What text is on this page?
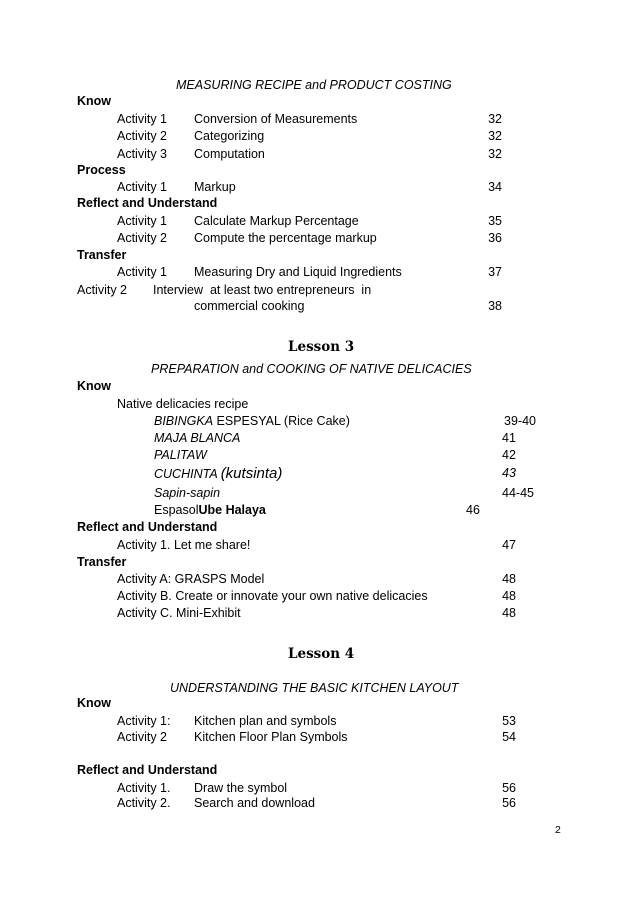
MEASURING RECIPE and PRODUCT COSTING
Know
Activity 1 Conversion of Measurements	32
Activity 2 Categorizing	32
Activity 3 Computation	32
Process
Activity 1 Markup	34
Reflect and Understand
Activity 1 Calculate Markup Percentage	35
Activity 2 Compute the percentage markup	36
Transfer
Activity 1 Measuring Dry and Liquid Ingredients	37
Activity 2 Interview  at least two entrepreneurs  in
commercial cooking	38
Lesson 3
PREPARATION and COOKING OF NATIVE DELICACIES
Know
Native delicacies recipe
BIBINGKA ESPESYAL (Rice Cake)	39-40
MAJA BLANCA	41
PALITAW	42
CUCHINTA (kutsinta)	43
Sapin-sapin	44-45
EspasolUbe Halaya	46
Reflect and Understand
Activity 1. Let me share!	47
Transfer
Activity A: GRASPS Model	48
Activity B. Create or innovate your own native delicacies	48
Activity C. Mini-Exhibit	48
Lesson 4
UNDERSTANDING THE BASIC KITCHEN LAYOUT
Know
Activity 1: Kitchen plan and symbols	53
Activity 2 Kitchen Floor Plan Symbols	54
Reflect and Understand
Activity 1. Draw the symbol	56
Activity 2. Search and download	56
2
